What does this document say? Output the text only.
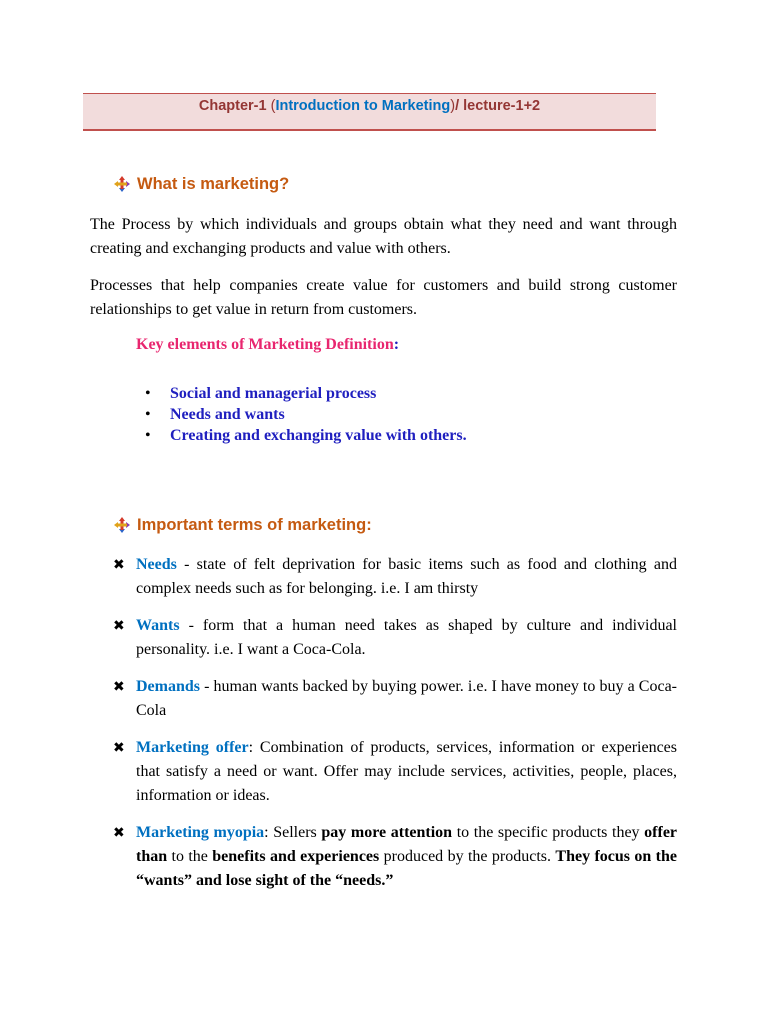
Chapter-1 (Introduction to Marketing)/ lecture-1+2
What is marketing?

The Process by which individuals and groups obtain what they need and want through creating and exchanging products and value with others.

Processes that help companies create value for customers and build strong customer relationships to get value in return from customers.

Key elements of Marketing Definition:
• Social and managerial process
• Needs and wants
• Creating and exchanging value with others.
Important terms of marketing:
✖ Needs - state of felt deprivation for basic items such as food and clothing and complex needs such as for belonging. i.e. I am thirsty
✖ Wants - form that a human need takes as shaped by culture and individual personality. i.e. I want a Coca-Cola.
✖ Demands - human wants backed by buying power. i.e. I have money to buy a Coca-Cola
✖ Marketing offer: Combination of products, services, information or experiences that satisfy a need or want. Offer may include services, activities, people, places, information or ideas.
✖ Marketing myopia: Sellers pay more attention to the specific products they offer than to the benefits and experiences produced by the products. They focus on the “wants” and lose sight of the “needs.”
